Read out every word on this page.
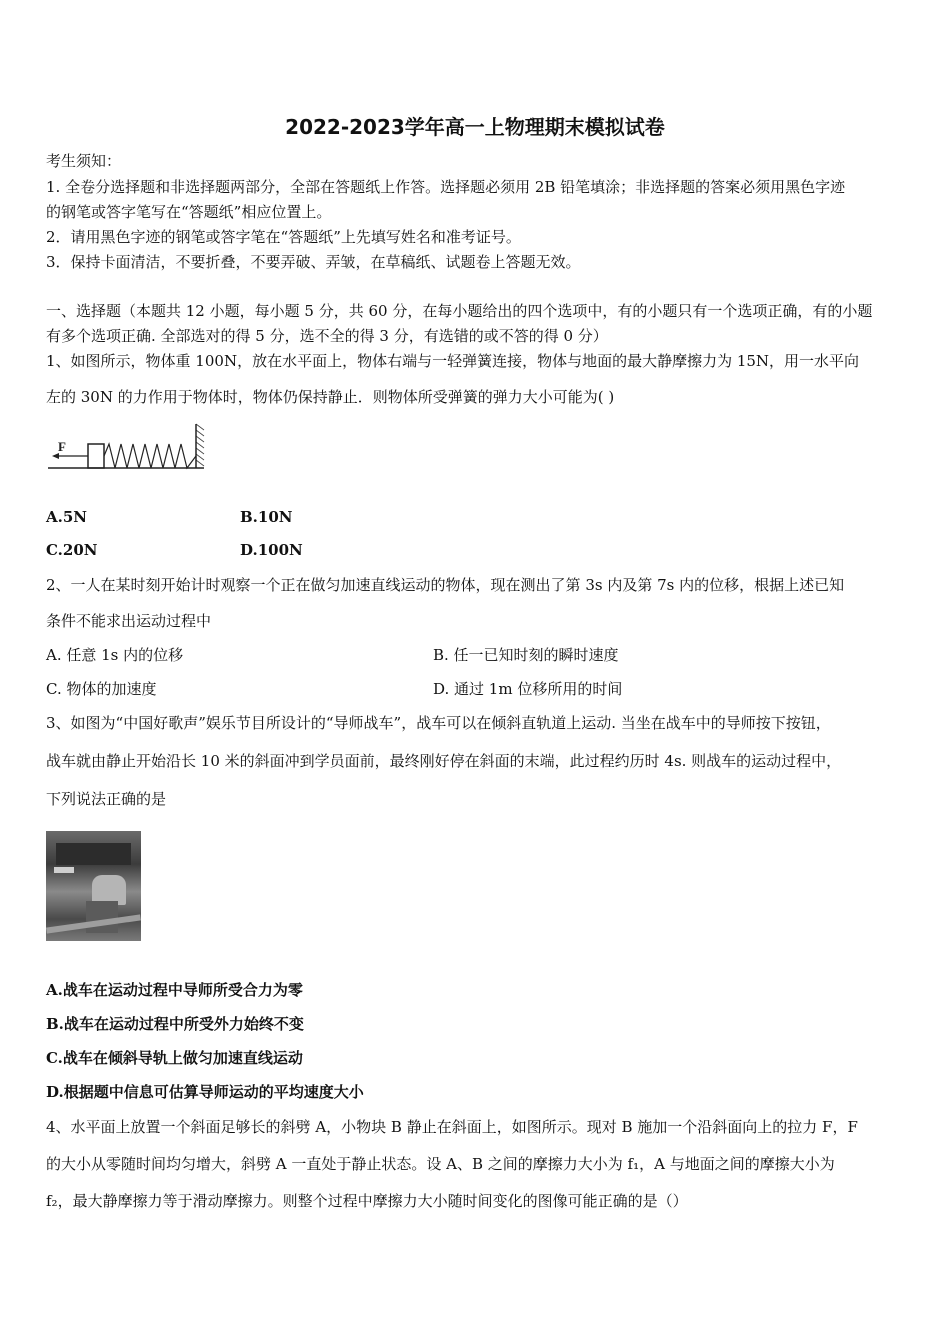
2022-2023学年高一上物理期末模拟试卷
考生须知：
1. 全卷分选择题和非选择题两部分，全部在答题纸上作答。选择题必须用 2B 铅笔填涂；非选择题的答案必须用黑色字迹
的钢笔或答字笔写在“答题纸”相应位置上。
2．请用黑色字迹的钢笔或答字笔在“答题纸”上先填写姓名和准考证号。
3．保持卡面清洁，不要折叠，不要弄破、弄皱，在草稿纸、试题卷上答题无效。
一、选择题（本题共 12 小题，每小题 5 分，共 60 分，在每小题给出的四个选项中，有的小题只有一个选项正确，有的小题
有多个选项正确. 全部选对的得 5 分，选不全的得 3 分，有选错的或不答的得 0 分）
1、如图所示，物体重 100N，放在水平面上，物体右端与一轻弹簧连接，物体与地面的最大静摩擦力为 15N，用一水平向
左的 30N 的力作用于物体时，物体仍保持静止．则物体所受弹簧的弹力大小可能为( )
F
A.5N	B.10N
C.20N	D.100N
2、一人在某时刻开始计时观察一个正在做匀加速直线运动的物体，现在测出了第 3s 内及第 7s 内的位移，根据上述已知
条件不能求出运动过程中
A. 任意 1s 内的位移	B. 任一已知时刻的瞬时速度
C. 物体的加速度	D. 通过 1m 位移所用的时间
3、如图为“中国好歌声”娱乐节目所设计的“导师战车”，战车可以在倾斜直轨道上运动. 当坐在战车中的导师按下按钮，
战车就由静止开始沿长 10 米的斜面冲到学员面前，最终刚好停在斜面的末端，此过程约历时 4s. 则战车的运动过程中，
下列说法正确的是
A.战车在运动过程中导师所受合力为零
B.战车在运动过程中所受外力始终不变
C.战车在倾斜导轨上做匀加速直线运动
D.根据题中信息可估算导师运动的平均速度大小
4、水平面上放置一个斜面足够长的斜劈 A，小物块 B 静止在斜面上，如图所示。现对 B 施加一个沿斜面向上的拉力 F，F
的大小从零随时间均匀增大，斜劈 A 一直处于静止状态。设 A、B 之间的摩擦力大小为 f₁，A 与地面之间的摩擦大小为
f₂，最大静摩擦力等于滑动摩擦力。则整个过程中摩擦力大小随时间变化的图像可能正确的是（）
